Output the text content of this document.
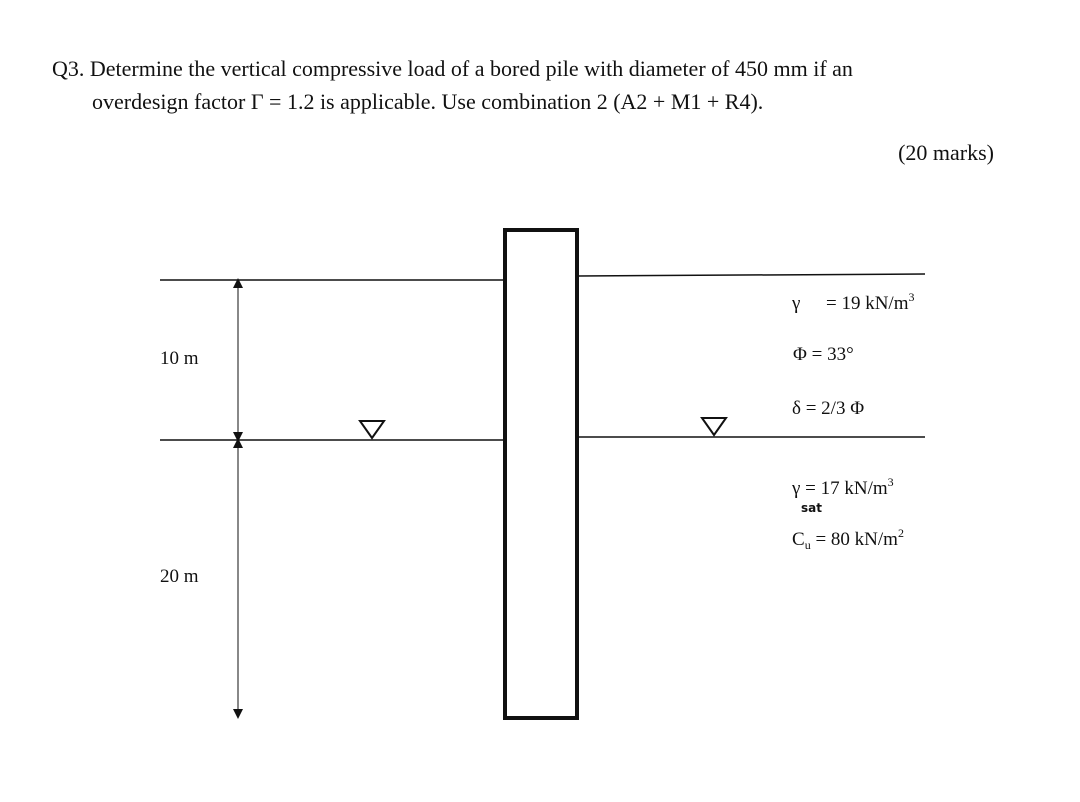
Q3. Determine the vertical compressive load of a bored pile with diameter of 450 mm if an
overdesign factor Γ = 1.2 is applicable. Use combination 2 (A2 + M1 + R4).
(20 marks)
10 m
20 m
γ = 19 $kN/m^3$
Φ = 33°
δ = 2/3 Φ
γ = 17 $kN/m^3$
sat
$C_u = 80$ $kN/m^2$
